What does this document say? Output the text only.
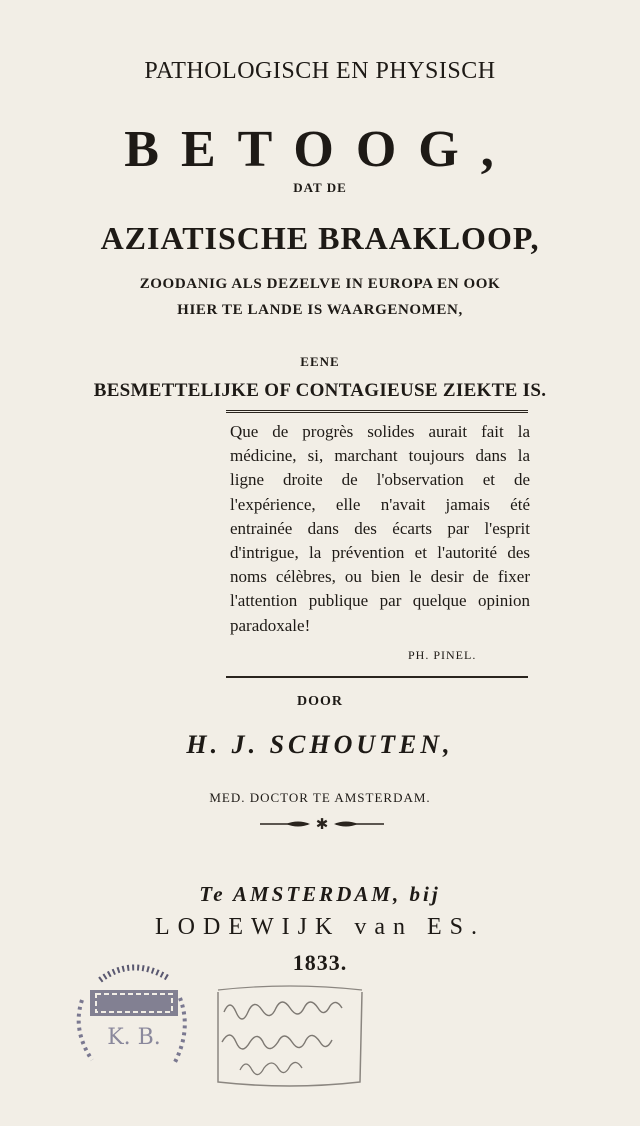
PATHOLOGISCH EN PHYSISCH
BETOOG,
DAT DE
AZIATISCHE BRAAKLOOP,
ZOODANIG ALS DEZELVE IN EUROPA EN OOK
HIER TE LANDE IS WAARGENOMEN,
EENE
BESMETTELIJKE OF CONTAGIEUSE ZIEKTE IS.
Que de progrès solides aurait fait la médicine, si, marchant toujours dans la ligne droite de l'observation et de l'expérience, elle n'avait jamais été entrainée dans des écarts par l'esprit d'intrigue, la prévention et l'autorité des noms célèbres, ou bien le desir de fixer l'attention publique par quelque opinion paradoxale!
PH. PINEL.
DOOR
H. J. SCHOUTEN,
MED. DOCTOR TE AMSTERDAM.
✱
Te AMSTERDAM, bij
LODEWIJK van ES.
1833.
K. B.
